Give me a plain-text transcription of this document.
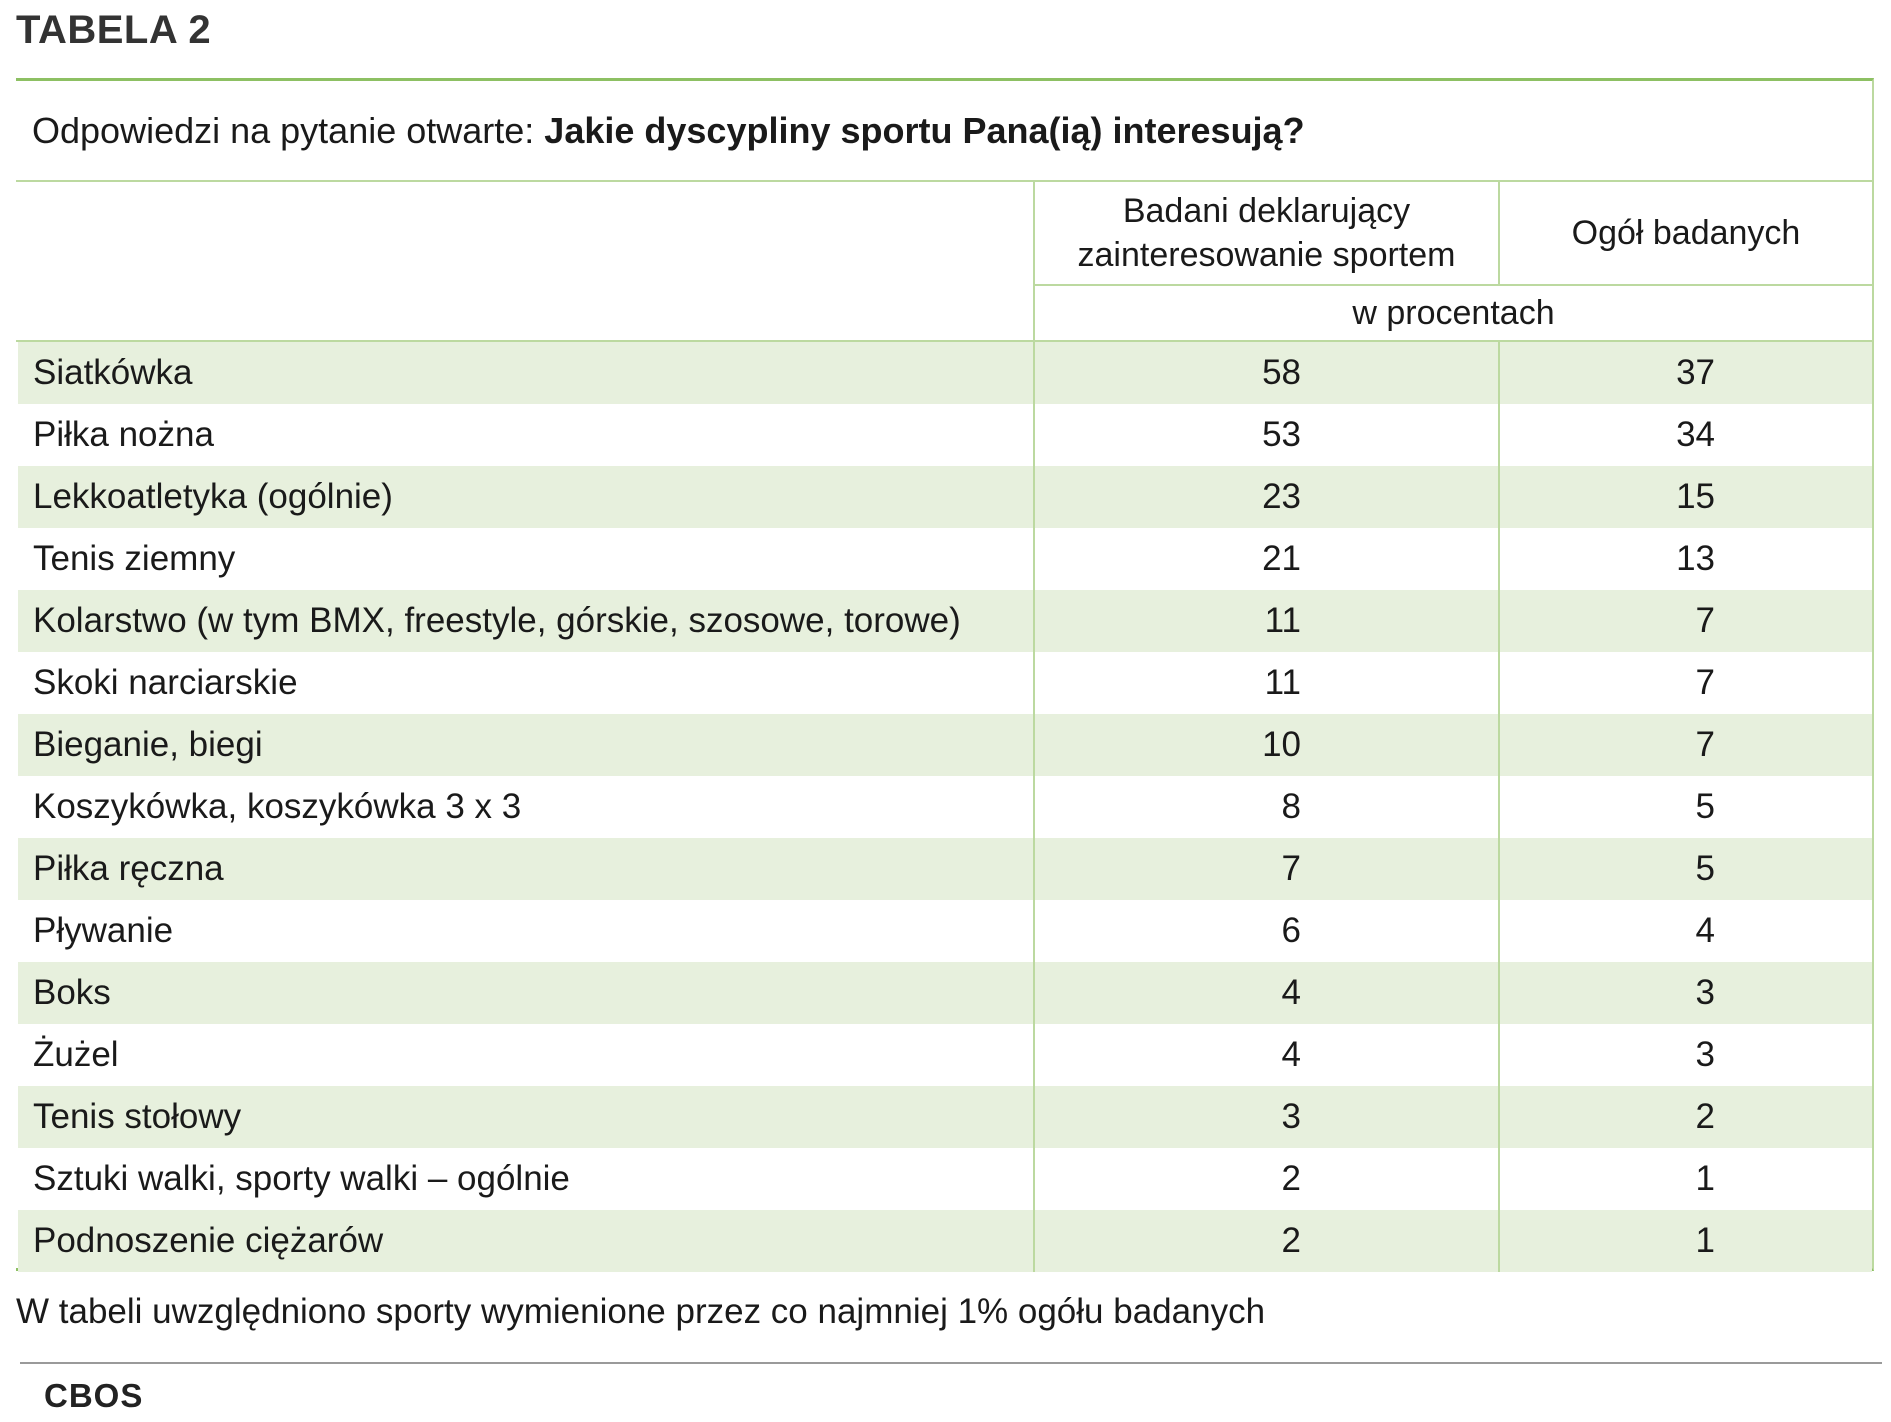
TABELA 2
Odpowiedzi na pytanie otwarte: Jakie dyscypliny sportu Pana(ią) interesują?
Badani deklarujący
zainteresowanie sportem
Ogół badanych
w procentach
Siatkówka	58	37
Piłka nożna	53	34
Lekkoatletyka (ogólnie)	23	15
Tenis ziemny	21	13
Kolarstwo (w tym BMX, freestyle, górskie, szosowe, torowe)	11	7
Skoki narciarskie	11	7
Bieganie, biegi	10	7
Koszykówka, koszykówka 3 x 3	8	5
Piłka ręczna	7	5
Pływanie	6	4
Boks	4	3
Żużel	4	3
Tenis stołowy	3	2
Sztuki walki, sporty walki – ogólnie	2	1
Podnoszenie ciężarów	2	1
W tabeli uwzględniono sporty wymienione przez co najmniej 1% ogółu badanych
CBOS
